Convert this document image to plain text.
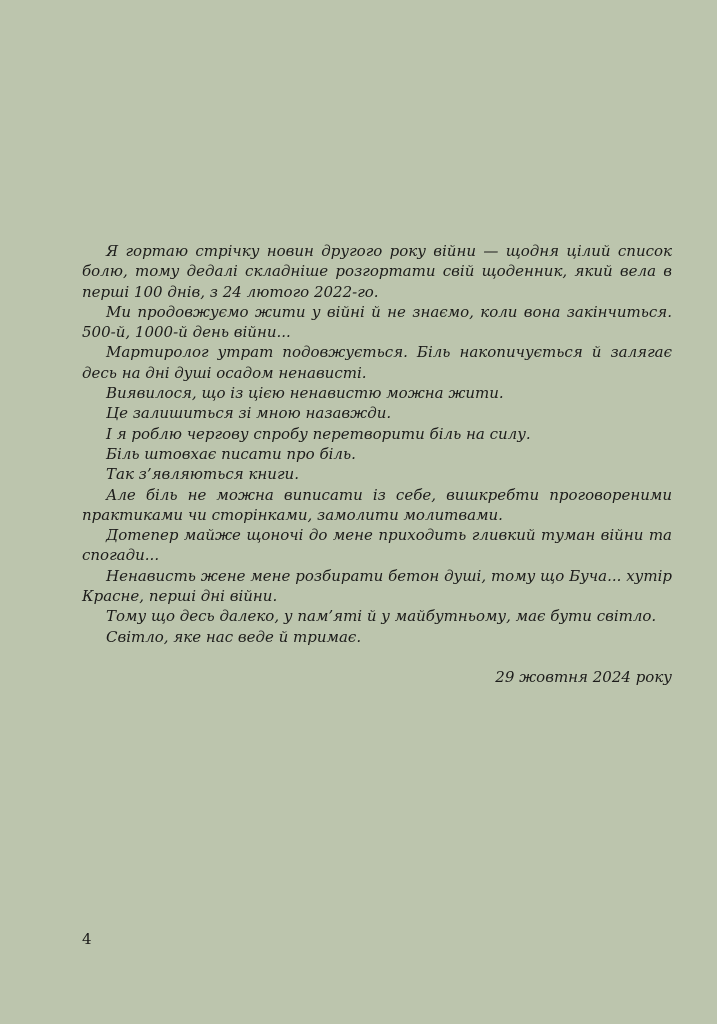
Я гортаю стрічку новин другого року війни — щодня цілий список болю, тому дедалі складніше розгортати свій щоденник, який вела в перші 100 днів, з 24 лютого 2022-го.

Ми продовжуємо жити у війні й не знаємо, коли вона закінчиться. 500-й, 1000-й день війни...

Мартиролог утрат подовжується. Біль накопичується й залягає десь на дні душі осадом ненависті.

Виявилося, що із цією ненавистю можна жити.

Це залишиться зі мною назавжди.

І я роблю чергову спробу перетворити біль на силу.

Біль штовхає писати про біль.

Так з’являються книги.

Але біль не можна виписати із себе, вишкребти проговореними практиками чи сторінками, замолити молитвами.

Дотепер майже щоночі до мене приходить гливкий туман війни та спогади...

Ненависть жене мене розбирати бетон душі, тому що Буча... хутір Красне, перші дні війни.

Тому що десь далеко, у пам’яті й у майбутньому, має бути світло.

Світло, яке нас веде й тримає.

29 жовтня 2024 року
4
